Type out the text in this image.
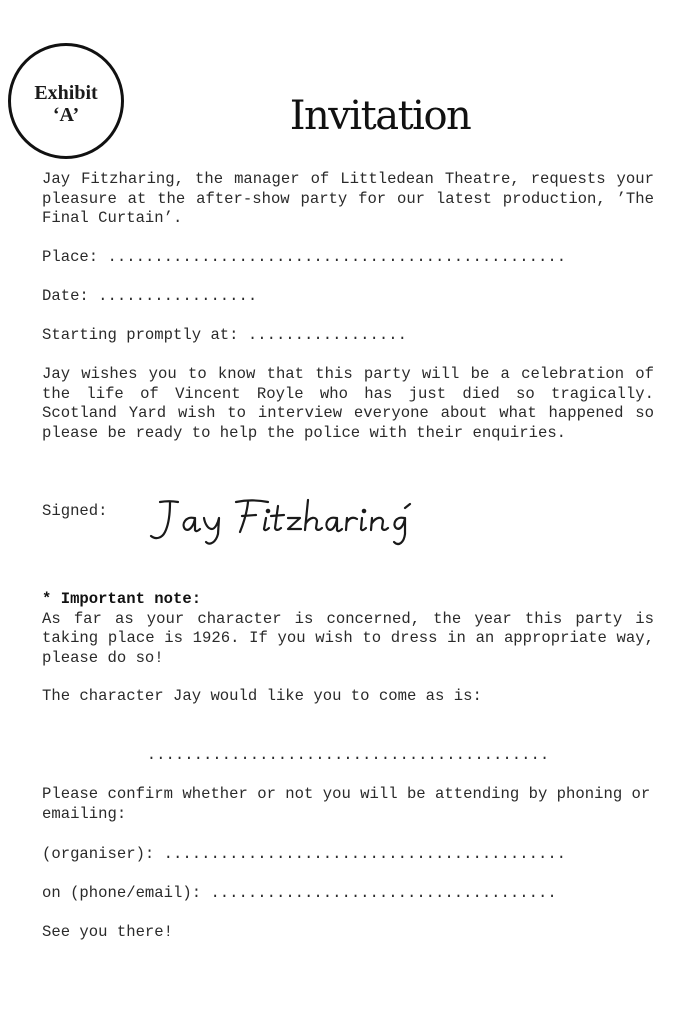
Exhibit
‘A’	Invitation

Jay Fitzharing, the manager of Littledean Theatre, requests your pleasure at the after-show party for our latest production, ’The Final Curtain’.

Place: .................................................
Date: .................
Starting promptly at: .................

Jay wishes you to know that this party will be a celebration of the life of Vincent Royle who has just died so tragically. Scotland Yard wish to interview everyone about what happened so please be ready to help the police with their enquiries.

Signed:
* Important note:
As far as your character is concerned, the year this party is taking place is 1926. If you wish to dress in an appropriate way, please do so!
The character Jay would like you to come as is:
...........................................

Please confirm whether or not you will be attending by phoning or emailing:

(organiser): ...........................................
on (phone/email): .....................................
See you there!
